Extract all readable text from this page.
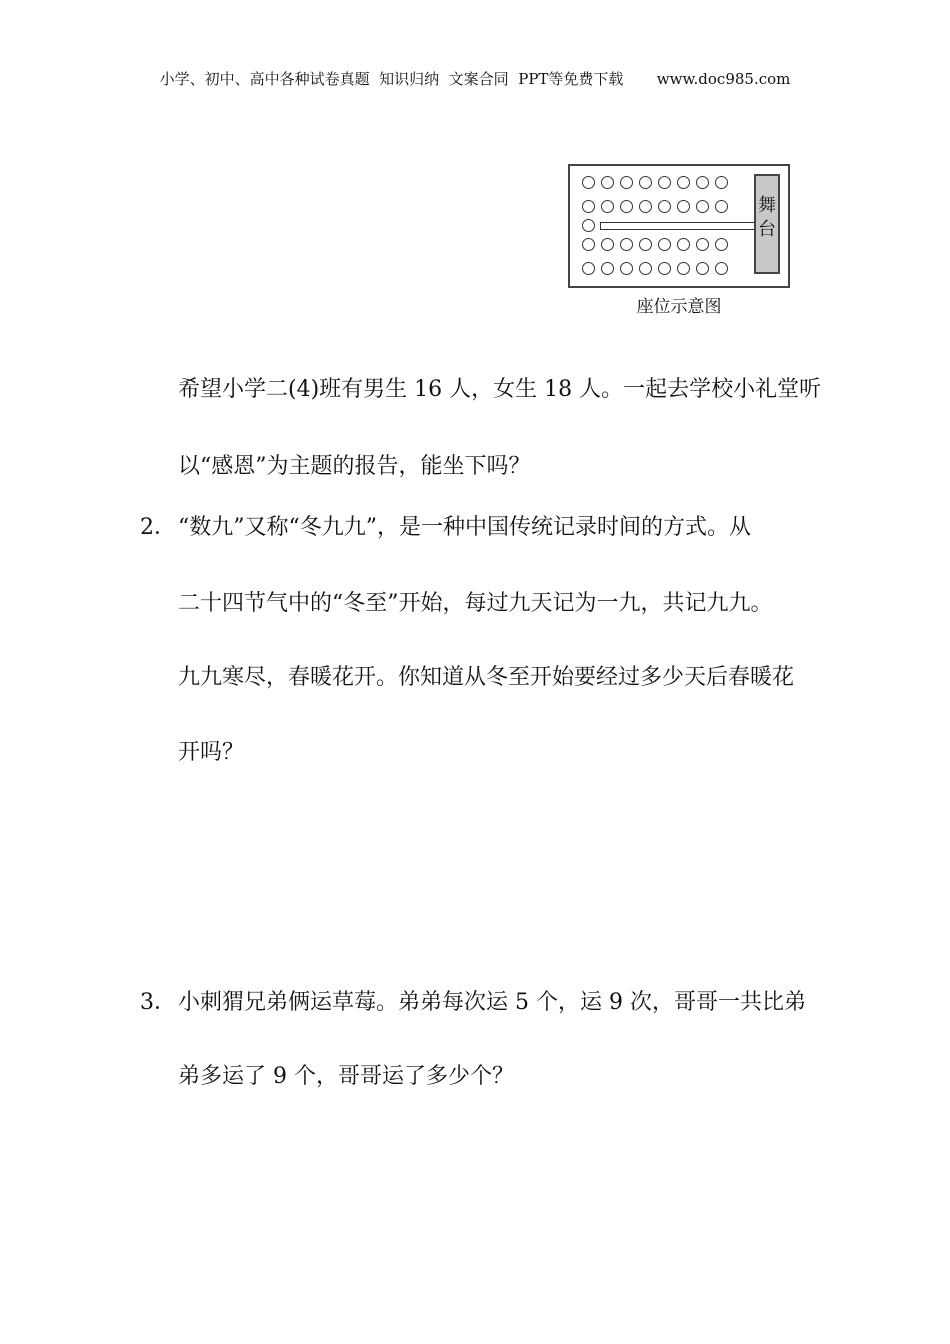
小学、初中、高中各种试卷真题  知识归纳  文案合同  PPT等免费下载       www.doc985.com
舞
台
座位示意图
希望小学二(4)班有男生 16 人，女生 18 人。一起去学校小礼堂听
以“感恩”为主题的报告，能坐下吗？
2． “数九”又称“冬九九”，是一种中国传统记录时间的方式。从
二十四节气中的“冬至”开始，每过九天记为一九，共记九九。
九九寒尽，春暖花开。你知道从冬至开始要经过多少天后春暖花
开吗？
3． 小刺猬兄弟俩运草莓。弟弟每次运 5 个，运 9 次，哥哥一共比弟
弟多运了 9 个，哥哥运了多少个？
